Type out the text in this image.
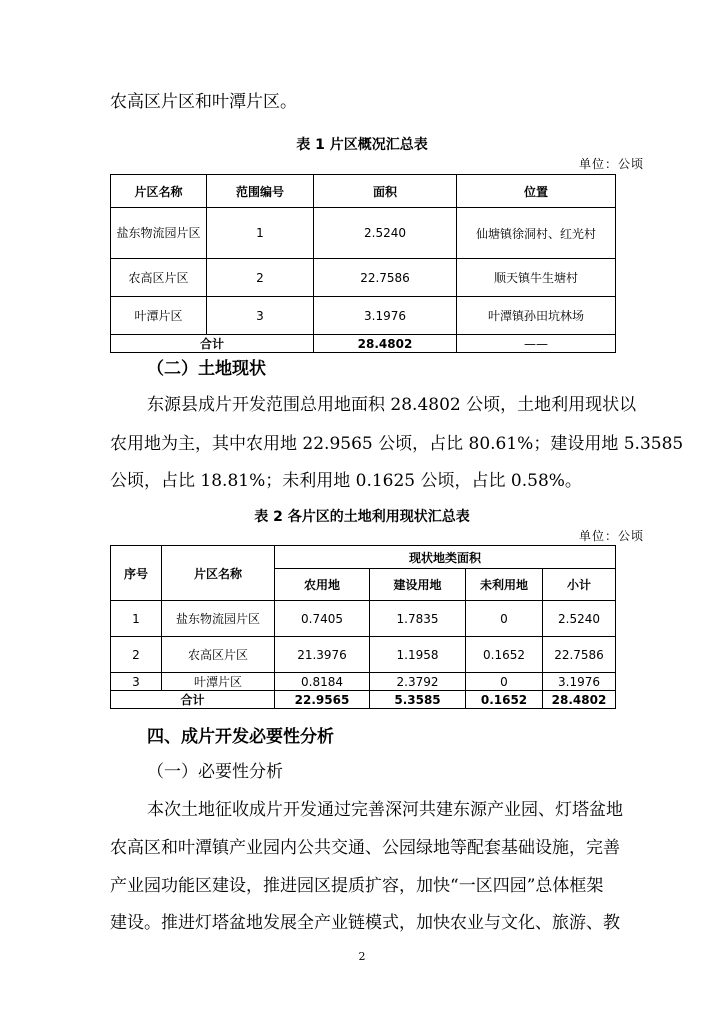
农高区片区和叶潭片区。
表 1 片区概况汇总表
单位：公顷
片区名称	范围编号	面积	位置
盐东物流园片区	1	2.5240	仙塘镇徐洞村、红光村
农高区片区	2	22.7586	顺天镇牛生塘村
叶潭片区	3	3.1976	叶潭镇孙田坑林场
合计		28.4802	——
（二）土地现状
东源县成片开发范围总用地面积 28.4802 公顷，土地利用现状以
农用地为主，其中农用地 22.9565 公顷，占比 80.61%；建设用地 5.3585
公顷，占比 18.81%；未利用地 0.1625 公顷，占比 0.58%。
表 2 各片区的土地利用现状汇总表
单位：公顷
序号	片区名称	现状地类面积			
		农用地	建设用地	未利用地	小计
1	盐东物流园片区	0.7405	1.7835	0	2.5240
2	农高区片区	21.3976	1.1958	0.1652	22.7586
3	叶潭片区	0.8184	2.3792	0	3.1976
合计		22.9565	5.3585	0.1652	28.4802
四、成片开发必要性分析
（一）必要性分析
本次土地征收成片开发通过完善深河共建东源产业园、灯塔盆地
农高区和叶潭镇产业园内公共交通、公园绿地等配套基础设施，完善
产业园功能区建设，推进园区提质扩容，加快“一区四园”总体框架
建设。推进灯塔盆地发展全产业链模式，加快农业与文化、旅游、教
2
